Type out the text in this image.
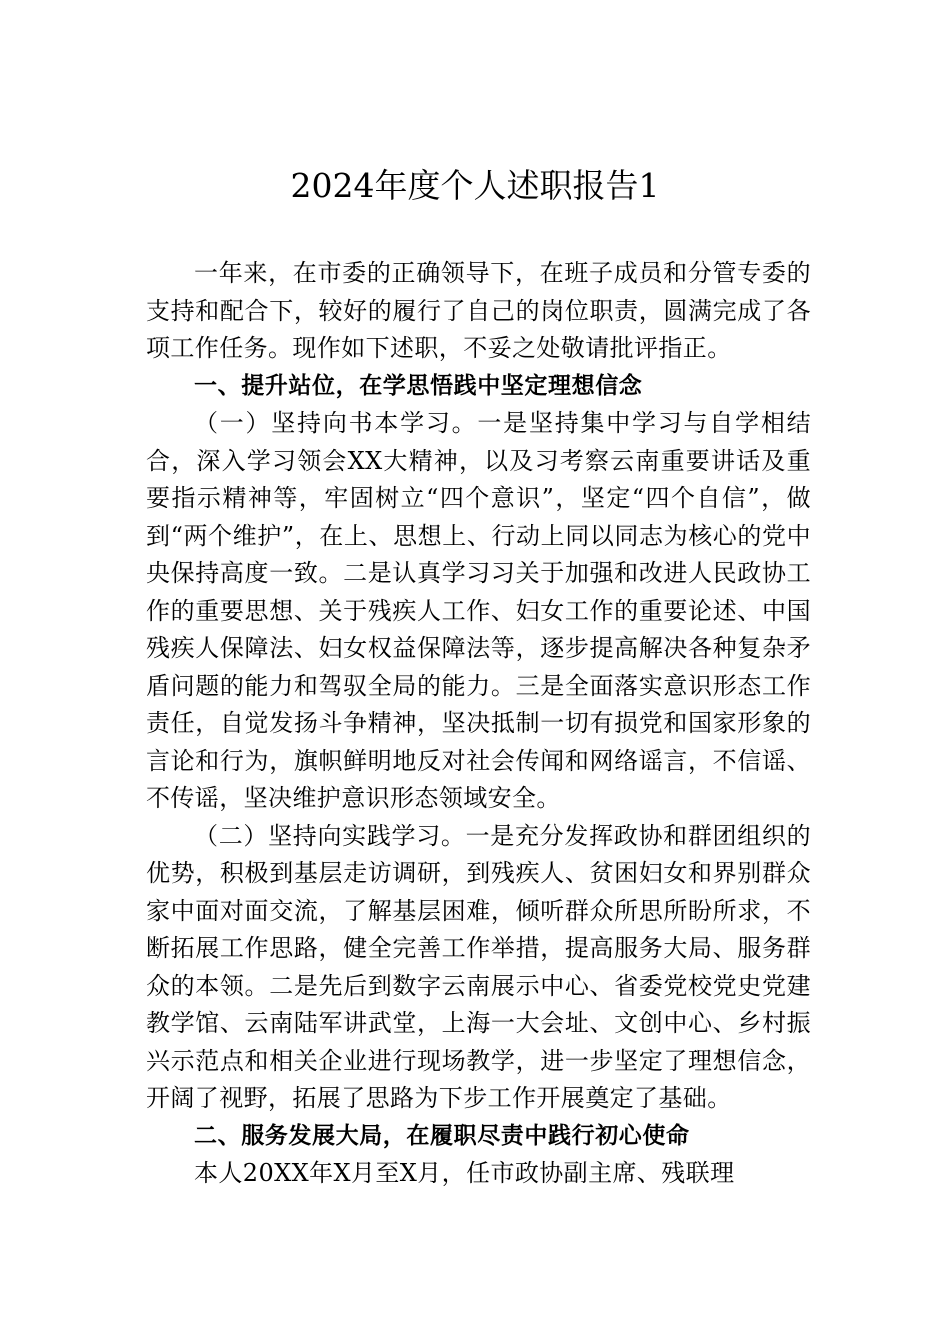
2024年度个人述职报告1

一年来，在市委的正确领导下，在班子成员和分管专委的支持和配合下，较好的履行了自己的岗位职责，圆满完成了各项工作任务。现作如下述职，不妥之处敬请批评指正。

一、提升站位，在学思悟践中坚定理想信念

（一）坚持向书本学习。一是坚持集中学习与自学相结合，深入学习领会XX大精神，以及习考察云南重要讲话及重要指示精神等，牢固树立“四个意识”，坚定“四个自信”，做到“两个维护”，在上、思想上、行动上同以同志为核心的党中央保持高度一致。二是认真学习习关于加强和改进人民政协工作的重要思想、关于残疾人工作、妇女工作的重要论述、中国残疾人保障法、妇女权益保障法等，逐步提高解决各种复杂矛盾问题的能力和驾驭全局的能力。三是全面落实意识形态工作责任，自觉发扬斗争精神，坚决抵制一切有损党和国家形象的言论和行为，旗帜鲜明地反对社会传闻和网络谣言，不信谣、不传谣，坚决维护意识形态领域安全。

（二）坚持向实践学习。一是充分发挥政协和群团组织的优势，积极到基层走访调研，到残疾人、贫困妇女和界别群众家中面对面交流，了解基层困难，倾听群众所思所盼所求，不断拓展工作思路，健全完善工作举措，提高服务大局、服务群众的本领。二是先后到数字云南展示中心、省委党校党史党建教学馆、云南陆军讲武堂，上海一大会址、文创中心、乡村振兴示范点和相关企业进行现场教学，进一步坚定了理想信念，开阔了视野，拓展了思路为下步工作开展奠定了基础。

二、服务发展大局，在履职尽责中践行初心使命

本人20XX年X月至X月，任市政协副主席、残联理
